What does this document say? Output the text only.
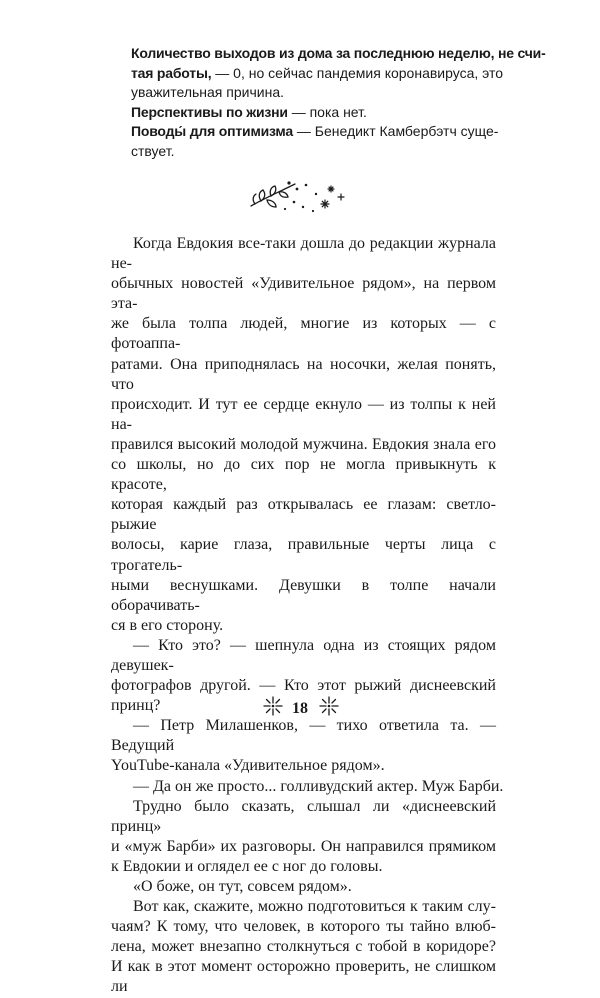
Количество выходов из дома за последнюю неделю, не счи-
тая работы, — 0, но сейчас пандемия коронавируса, это
уважительная причина.

Перспективы по жизни — пока нет.

Поводы́ для оптимизма — Бенедикт Камбербэтч суще-
ствует.

Когда Евдокия все-таки дошла до редакции журнала не-
обычных новостей «Удивительное рядом», на первом эта-
же была толпа людей, многие из которых — с фотоаппа-
ратами. Она приподнялась на носочки, желая понять, что
происходит. И тут ее сердце екнуло — из толпы к ней на-
правился высокий молодой мужчина. Евдокия знала его
со школы, но до сих пор не могла привыкнуть к красоте,
которая каждый раз открывалась ее глазам: светло-рыжие
волосы, карие глаза, правильные черты лица с трогатель-
ными веснушками. Девушки в толпе начали оборачивать-
ся в его сторону.
— Кто это? — шепнула одна из стоящих рядом девушек-
фотографов другой. — Кто этот рыжий диснеевский принц?
— Петр Милашенков, — тихо ответила та. — Ведущий
YouTube-канала «Удивительное рядом».
— Да он же просто... голливудский актер. Муж Барби.
Трудно было сказать, слышал ли «диснеевский принц»
и «муж Барби» их разговоры. Он направился прямиком
к Евдокии и оглядел ее с ног до головы.
«О боже, он тут, совсем рядом».
Вот как, скажите, можно подготовиться к таким слу-
чаям? К тому, что человек, в которого ты тайно влюб-
лена, может внезапно столкнуться с тобой в коридоре?
И как в этот момент осторожно проверить, не слишком ли
18
